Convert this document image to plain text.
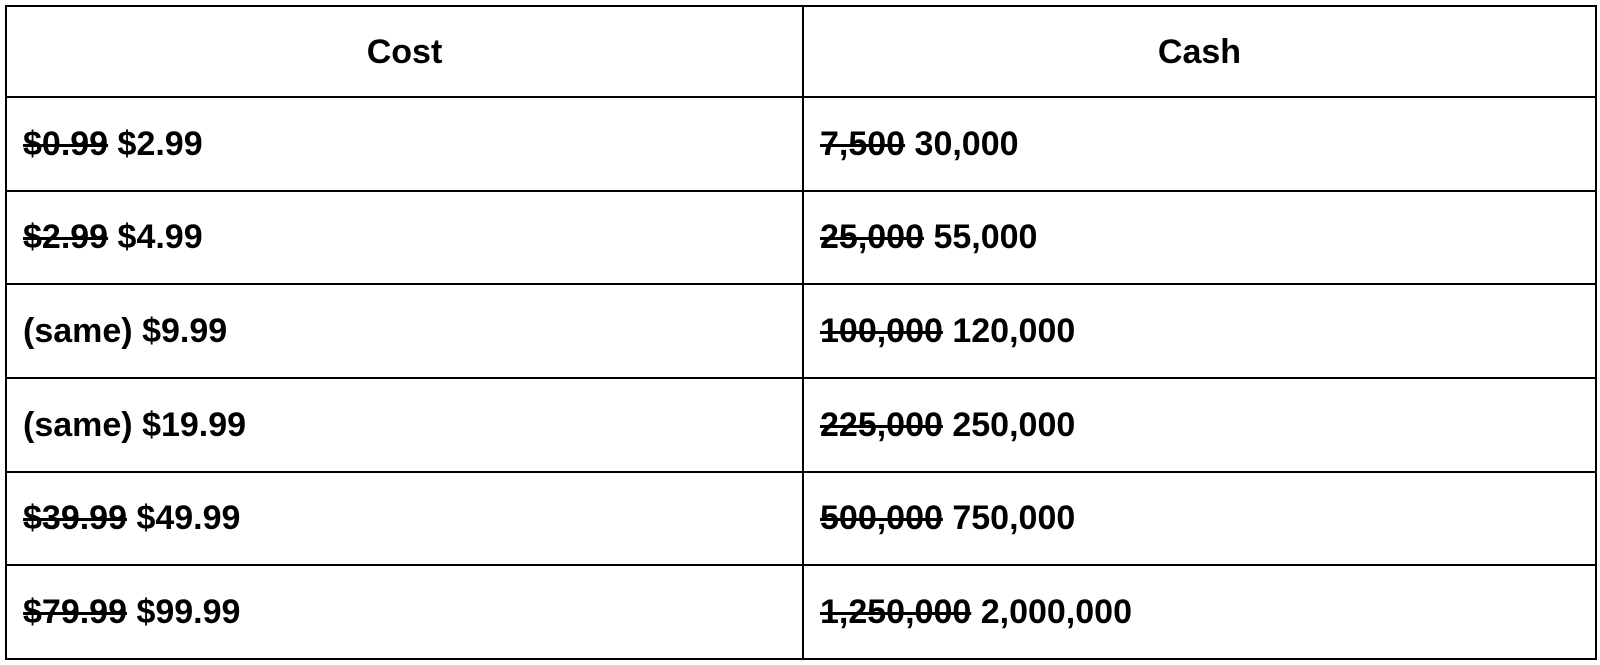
Cost	Cash
$0.99 $2.99	7,500 30,000
$2.99 $4.99	25,000 55,000
(same) $9.99	100,000 120,000
(same) $19.99	225,000 250,000
$39.99 $49.99	500,000 750,000
$79.99 $99.99	1,250,000 2,000,000
